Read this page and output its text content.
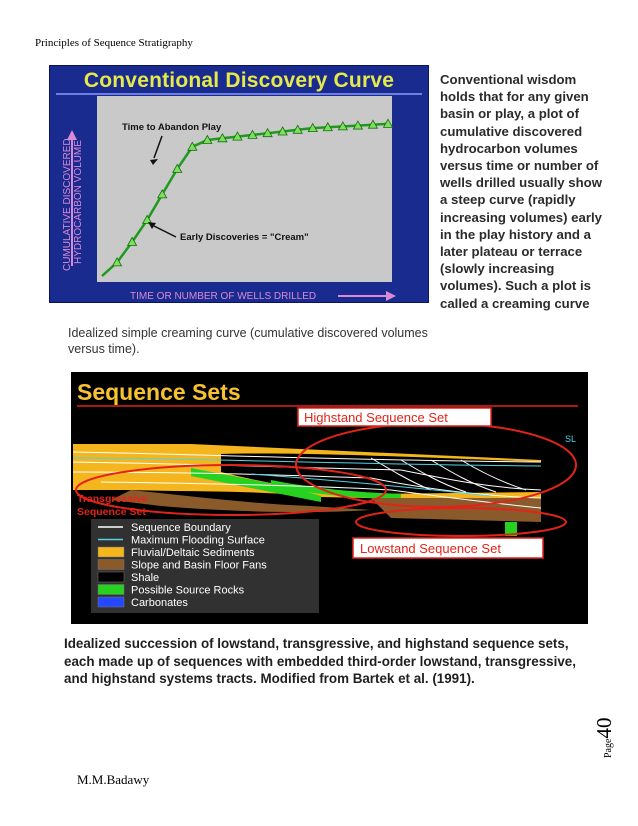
Principles of Sequence Stratigraphy
Conventional Discovery Curve
CUMULATIVE DISCOVERED HYDROCARBON VOLUME
TIME OR NUMBER OF WELLS DRILLED
Time to Abandon Play
Early Discoveries = "Cream"
Idealized simple creaming curve (cumulative discovered volumes versus time).
Conventional wisdom holds that for any given basin or play, a plot of cumulative discovered hydrocarbon volumes versus time or number of wells drilled usually show a steep curve (rapidly increasing volumes) early in the play history and a later plateau or terrace (slowly increasing volumes). Such a plot is called a creaming curve
Sequence Sets
Highstand Sequence Set
Lowstand Sequence Set
Transgressive
Sequence Set
SL
Sequence Boundary
Maximum Flooding Surface
Fluvial/Deltaic Sediments
Slope and Basin Floor Fans
Shale
Possible Source Rocks
Carbonates
Idealized succession of lowstand, transgressive, and highstand sequence sets, each made up of sequences with embedded third-order lowstand, transgressive, and highstand systems tracts. Modified from Bartek et al. (1991).
Page40
M.M.Badawy
